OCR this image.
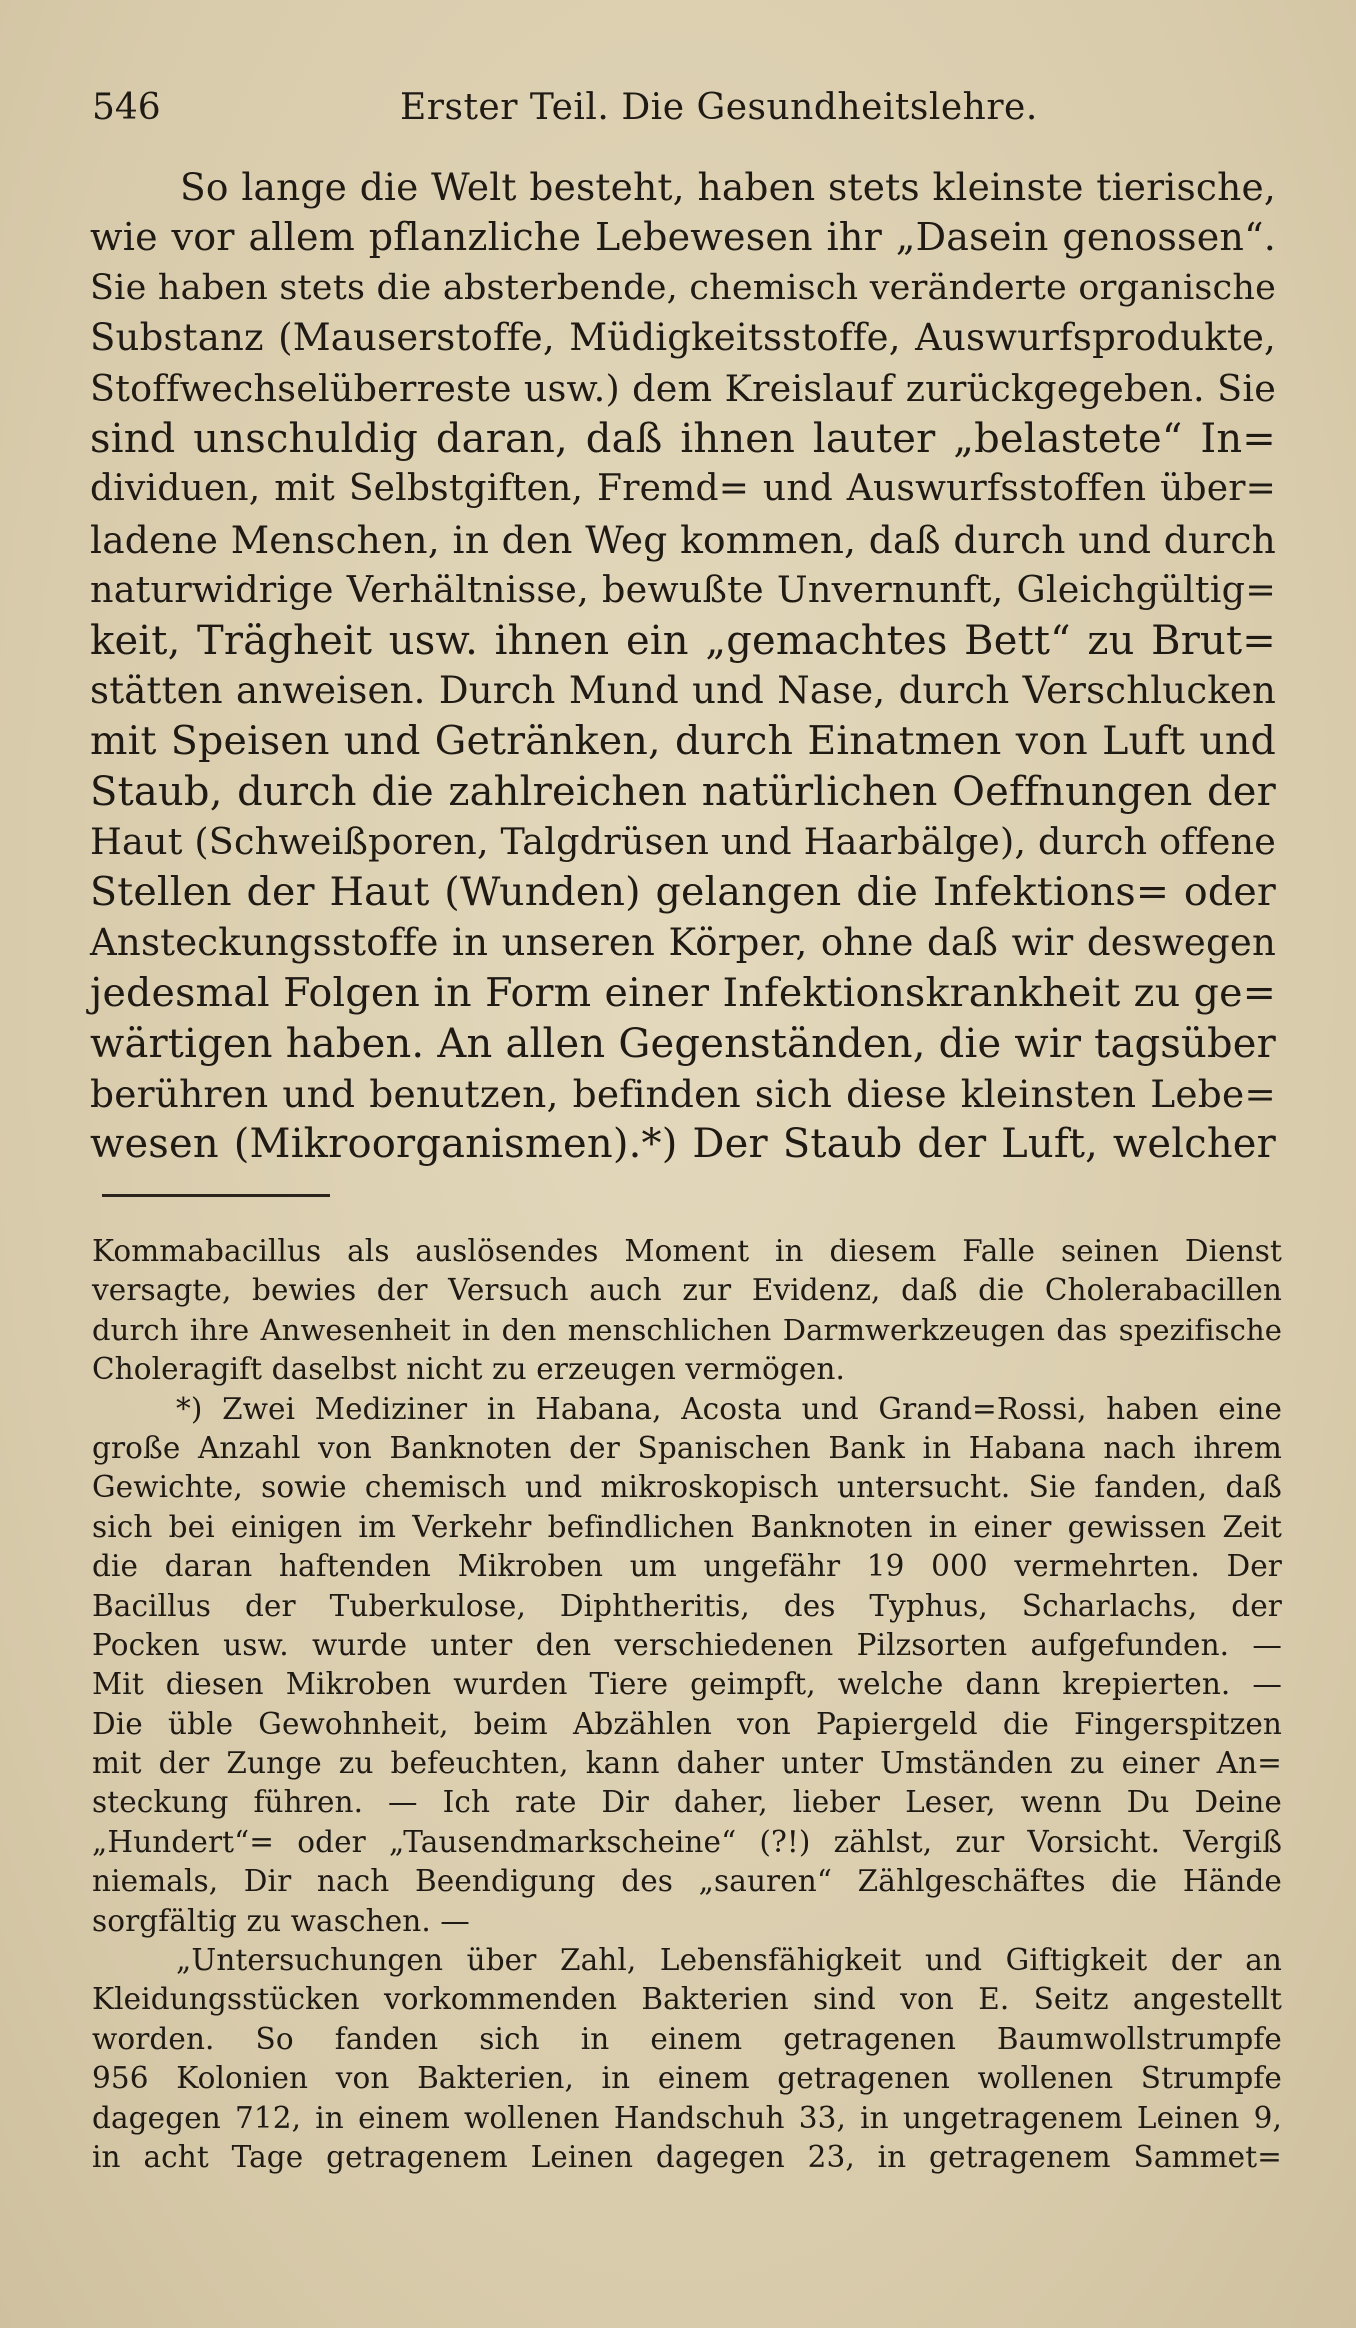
546	Erster Teil. Die Gesundheitslehre.
So lange die Welt besteht, haben stets kleinste tierische,
wie vor allem pflanzliche Lebewesen ihr „Dasein genossen“.
Sie haben stets die absterbende, chemisch veränderte organische
Substanz (Mauserstoffe, Müdigkeitsstoffe, Auswurfsprodukte,
Stoffwechselüberreste usw.) dem Kreislauf zurückgegeben. Sie
sind unschuldig daran, daß ihnen lauter „belastete“ In=
dividuen, mit Selbstgiften, Fremd= und Auswurfsstoffen über=
ladene Menschen, in den Weg kommen, daß durch und durch
naturwidrige Verhältnisse, bewußte Unvernunft, Gleichgültig=
keit, Trägheit usw. ihnen ein „gemachtes Bett“ zu Brut=
stätten anweisen. Durch Mund und Nase, durch Verschlucken
mit Speisen und Getränken, durch Einatmen von Luft und
Staub, durch die zahlreichen natürlichen Oeffnungen der
Haut (Schweißporen, Talgdrüsen und Haarbälge), durch offene
Stellen der Haut (Wunden) gelangen die Infektions= oder
Ansteckungsstoffe in unseren Körper, ohne daß wir deswegen
jedesmal Folgen in Form einer Infektionskrankheit zu ge=
wärtigen haben. An allen Gegenständen, die wir tagsüber
berühren und benutzen, befinden sich diese kleinsten Lebe=
wesen (Mikroorganismen).*) Der Staub der Luft, welcher
Kommabacillus als auslösendes Moment in diesem Falle seinen Dienst
versagte, bewies der Versuch auch zur Evidenz, daß die Cholerabacillen
durch ihre Anwesenheit in den menschlichen Darmwerkzeugen das spezifische
Choleragift daselbst nicht zu erzeugen vermögen.
*) Zwei Mediziner in Habana, Acosta und Grand=Rossi, haben eine
große Anzahl von Banknoten der Spanischen Bank in Habana nach ihrem
Gewichte, sowie chemisch und mikroskopisch untersucht. Sie fanden, daß
sich bei einigen im Verkehr befindlichen Banknoten in einer gewissen Zeit
die daran haftenden Mikroben um ungefähr 19 000 vermehrten. Der
Bacillus der Tuberkulose, Diphtheritis, des Typhus, Scharlachs, der
Pocken usw. wurde unter den verschiedenen Pilzsorten aufgefunden. —
Mit diesen Mikroben wurden Tiere geimpft, welche dann krepierten. —
Die üble Gewohnheit, beim Abzählen von Papiergeld die Fingerspitzen
mit der Zunge zu befeuchten, kann daher unter Umständen zu einer An=
steckung führen. — Ich rate Dir daher, lieber Leser, wenn Du Deine
„Hundert“= oder „Tausendmarkscheine“ (?!) zählst, zur Vorsicht. Vergiß
niemals, Dir nach Beendigung des „sauren“ Zählgeschäftes die Hände
sorgfältig zu waschen. —
„Untersuchungen über Zahl, Lebensfähigkeit und Giftigkeit der an
Kleidungsstücken vorkommenden Bakterien sind von E. Seitz angestellt
worden. So fanden sich in einem getragenen Baumwollstrumpfe
956 Kolonien von Bakterien, in einem getragenen wollenen Strumpfe
dagegen 712, in einem wollenen Handschuh 33, in ungetragenem Leinen 9,
in acht Tage getragenem Leinen dagegen 23, in getragenem Sammet=
